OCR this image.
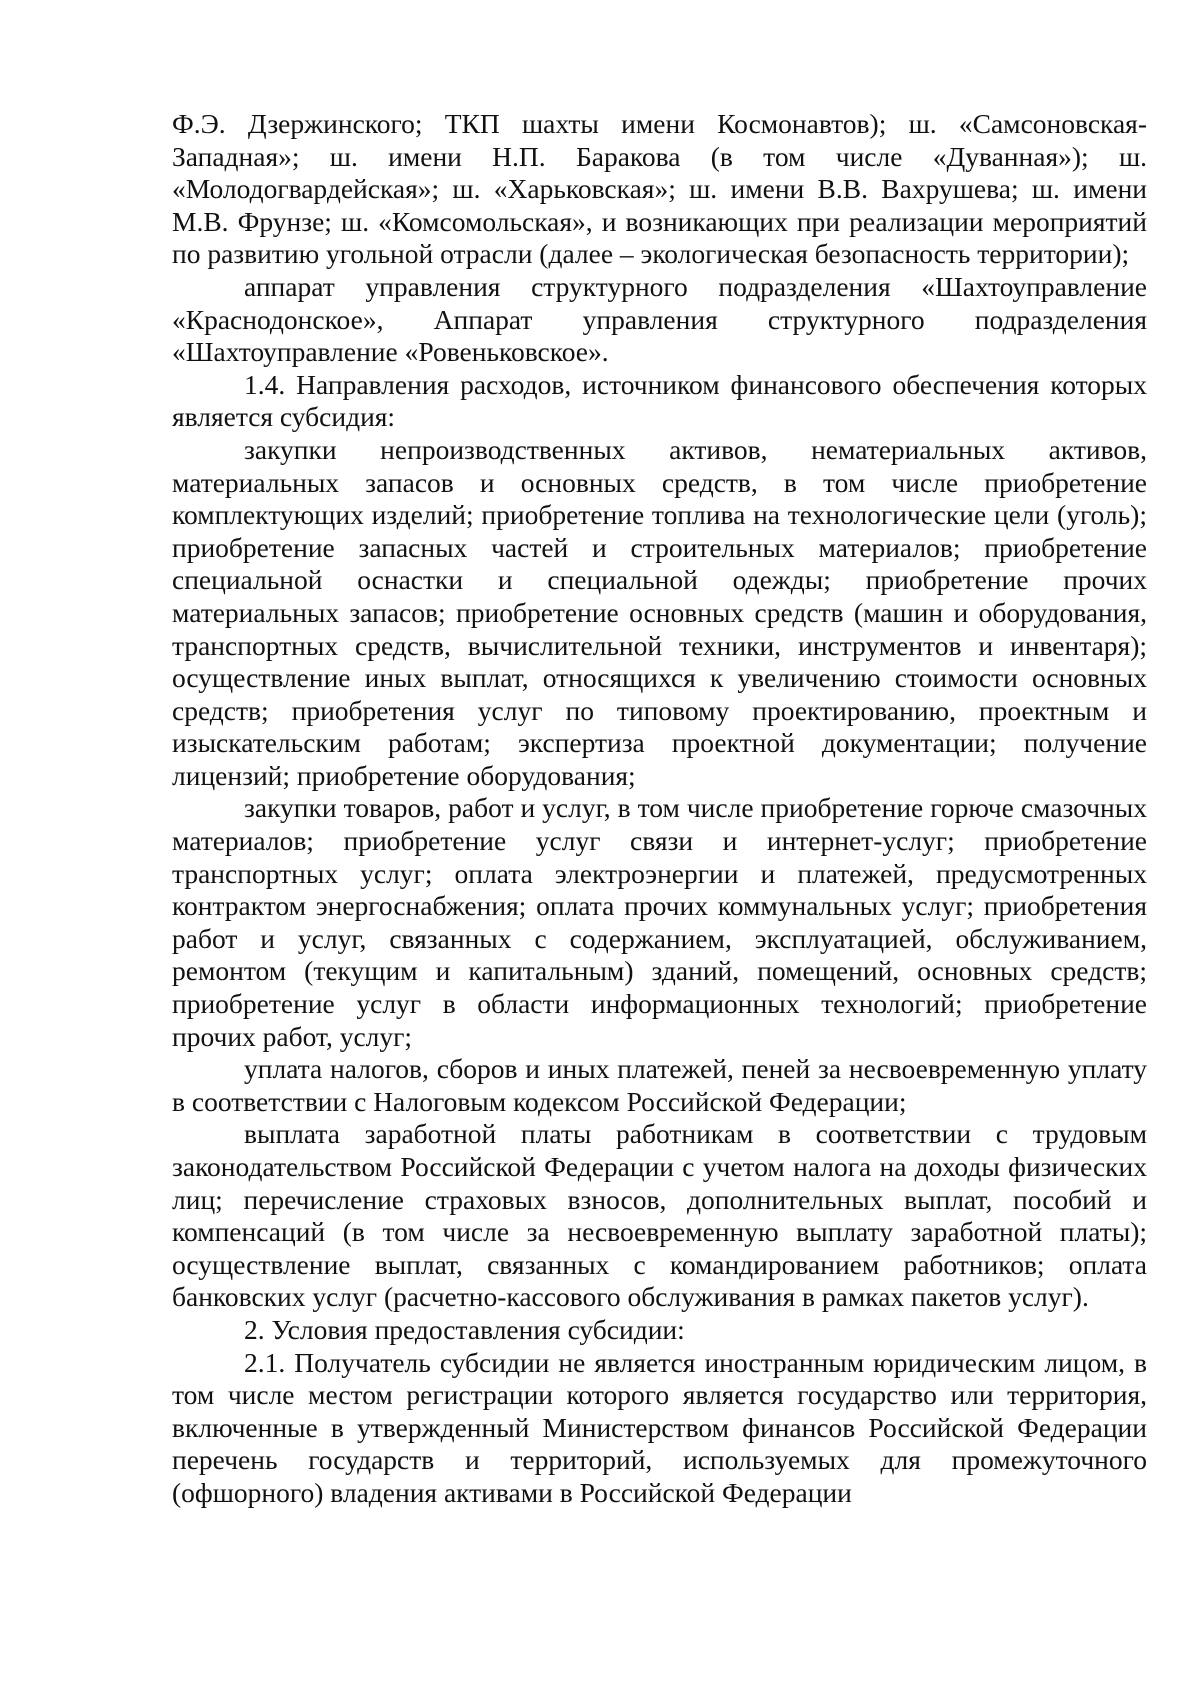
Ф.Э. Дзержинского; ТКП шахты имени Космонавтов); ш. «Самсоновская-Западная»; ш. имени Н.П. Баракова (в том числе «Дуванная»); ш. «Молодогвардейская»; ш. «Харьковская»; ш. имени В.В. Вахрушева; ш. имени М.В. Фрунзе; ш. «Комсомольская», и возникающих при реализации мероприятий по развитию угольной отрасли (далее – экологическая безопасность территории);

аппарат управления структурного подразделения «Шахтоуправление «Краснодонское», Аппарат управления структурного подразделения «Шахтоуправление «Ровеньковское».

1.4. Направления расходов, источником финансового обеспечения которых является субсидия:

закупки непроизводственных активов, нематериальных активов, материальных запасов и основных средств, в том числе приобретение комплектующих изделий; приобретение топлива на технологические цели (уголь); приобретение запасных частей и строительных материалов; приобретение специальной оснастки и специальной одежды; приобретение прочих материальных запасов; приобретение основных средств (машин и оборудования, транспортных средств, вычислительной техники, инструментов и инвентаря); осуществление иных выплат, относящихся к увеличению стоимости основных средств; приобретения услуг по типовому проектированию, проектным и изыскательским работам; экспертиза проектной документации; получение лицензий; приобретение оборудования;

закупки товаров, работ и услуг, в том числе приобретение горюче смазочных материалов; приобретение услуг связи и интернет-услуг; приобретение транспортных услуг; оплата электроэнергии и платежей, предусмотренных контрактом энергоснабжения; оплата прочих коммунальных услуг; приобретения работ и услуг, связанных с содержанием, эксплуатацией, обслуживанием, ремонтом (текущим и капитальным) зданий, помещений, основных средств; приобретение услуг в области информационных технологий; приобретение прочих работ, услуг;

уплата налогов, сборов и иных платежей, пеней за несвоевременную уплату в соответствии с Налоговым кодексом Российской Федерации;

выплата заработной платы работникам в соответствии с трудовым законодательством Российской Федерации с учетом налога на доходы физических лиц; перечисление страховых взносов, дополнительных выплат, пособий и компенсаций (в том числе за несвоевременную выплату заработной платы); осуществление выплат, связанных с командированием работников; оплата банковских услуг (расчетно-кассового обслуживания в рамках пакетов услуг).

2. Условия предоставления субсидии:

2.1. Получатель субсидии не является иностранным юридическим лицом, в том числе местом регистрации которого является государство или территория, включенные в утвержденный Министерством финансов Российской Федерации перечень государств и территорий, используемых для промежуточного (офшорного) владения активами в Российской Федерации
